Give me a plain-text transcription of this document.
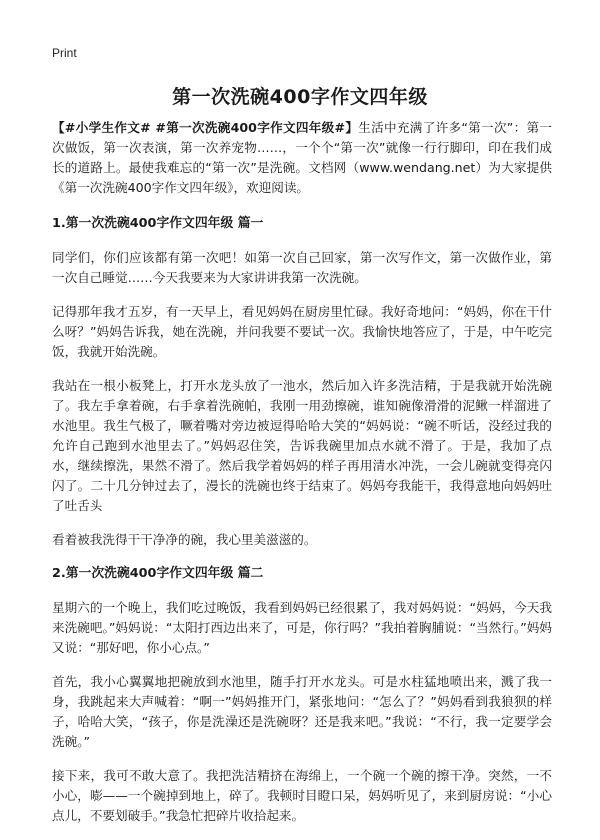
Print
第一次洗碗400字作文四年级

【#小学生作文# #第一次洗碗400字作文四年级#】生活中充满了许多“第一次”：第一次做饭，第一次表演，第一次养宠物……，一个个“第一次”就像一行行脚印，印在我们成长的道路上。最使我难忘的“第一次”是洗碗。文档网（www.wendang.net）为大家提供《第一次洗碗400字作文四年级》，欢迎阅读。

1.第一次洗碗400字作文四年级 篇一

同学们，你们应该都有第一次吧！如第一次自己回家，第一次写作文，第一次做作业，第一次自己睡觉……今天我要来为大家讲讲我第一次洗碗。

记得那年我才五岁，有一天早上，看见妈妈在厨房里忙碌。我好奇地问：“妈妈，你在干什么呀？”妈妈告诉我，她在洗碗，并问我要不要试一次。我愉快地答应了，于是，中午吃完饭，我就开始洗碗。

我站在一根小板凳上，打开水龙头放了一池水，然后加入许多洗洁精，于是我就开始洗碗了。我左手拿着碗，右手拿着洗碗帕，我刚一用劲擦碗，谁知碗像滑滑的泥鳅一样溜进了水池里。我生气极了，噘着嘴对旁边被逗得哈哈大笑的“妈妈说：“碗不听话，没经过我的允许自己跑到水池里去了。”妈妈忍住笑，告诉我碗里加点水就不滑了。于是，我加了点水，继续擦洗，果然不滑了。然后我学着妈妈的样子再用清水冲洗，一会儿碗就变得亮闪闪了。二十几分钟过去了，漫长的洗碗也终于结束了。妈妈夸我能干，我得意地向妈妈吐了吐舌头

看着被我洗得干干净净的碗，我心里美滋滋的。

2.第一次洗碗400字作文四年级 篇二

星期六的一个晚上，我们吃过晚饭，我看到妈妈已经很累了，我对妈妈说：“妈妈，今天我来洗碗吧。”妈妈说：“太阳打西边出来了，可是，你行吗？”我拍着胸脯说：“当然行。”妈妈又说：“那好吧，你小心点。”

首先，我小心翼翼地把碗放到水池里，随手打开水龙头。可是水柱猛地喷出来，溅了我一身，我跳起来大声喊着：“啊一”妈妈推开门，紧张地问：“怎么了？”妈妈看到我狼狈的样子，哈哈大笑，“孩子，你是洗澡还是洗碗呀？还是我来吧。”我说：“不行，我一定要学会洗碗。”

接下来，我可不敢大意了。我把洗洁精挤在海绵上，一个碗一个碗的擦干净。突然，一不小心，嘭——一个碗掉到地上，碎了。我顿时目瞪口呆，妈妈听见了，来到厨房说：“小心点儿，不要划破手。”我急忙把碎片收拾起来。
